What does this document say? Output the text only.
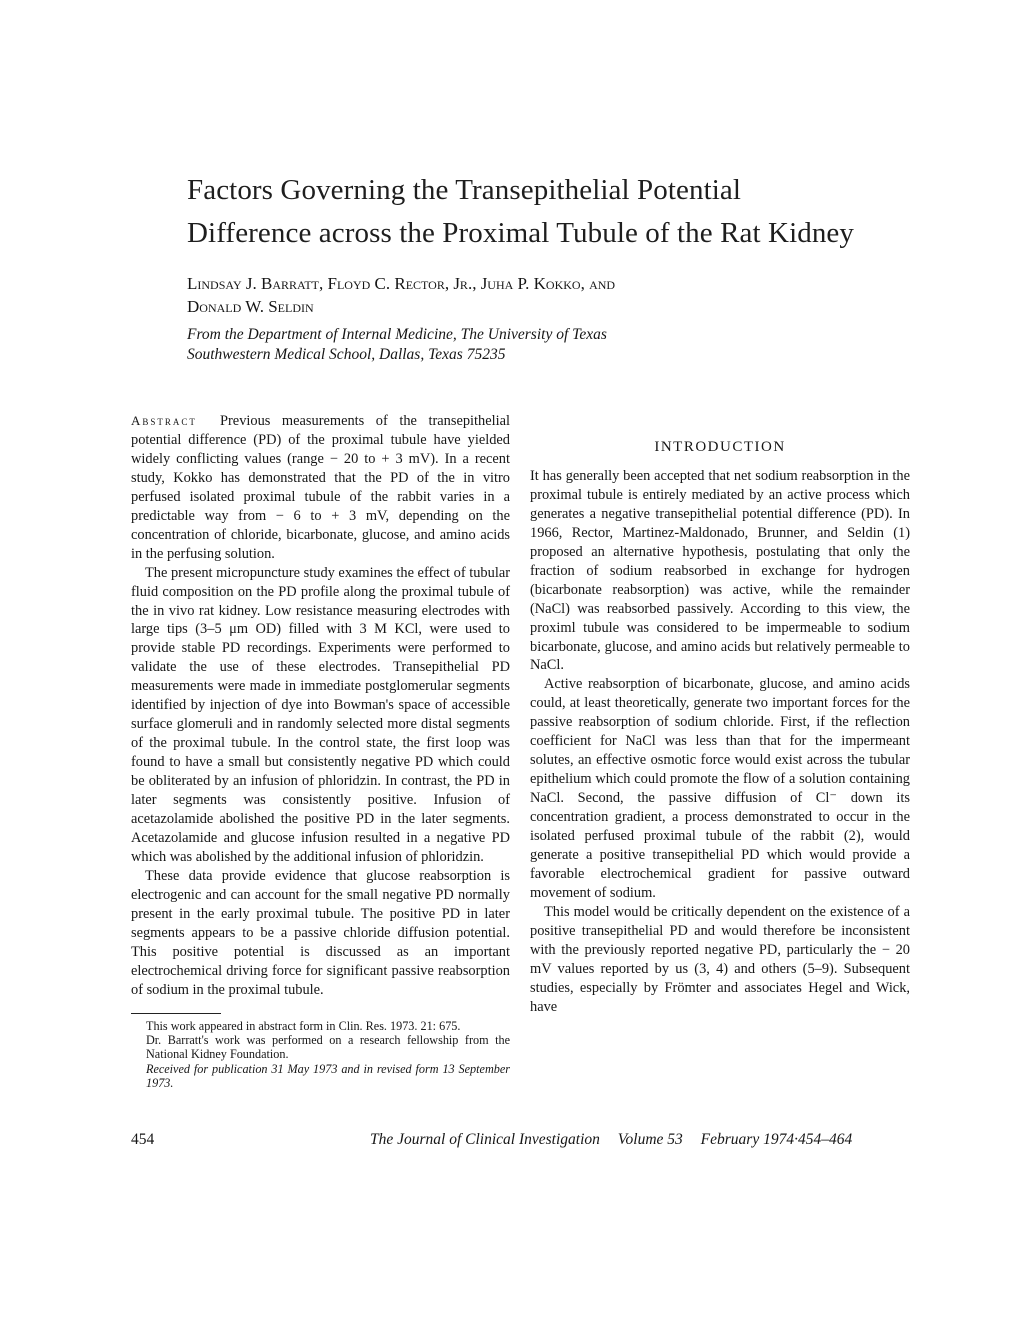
Factors Governing the Transepithelial Potential
Difference across the Proximal Tubule of the Rat Kidney
Lindsay J. Barratt, Floyd C. Rector, Jr., Juha P. Kokko, and
Donald W. Seldin
From the Department of Internal Medicine, The University of Texas
Southwestern Medical School, Dallas, Texas 75235

Abstract Previous measurements of the transepithelial potential difference (PD) of the proximal tubule have yielded widely conflicting values (range − 20 to + 3 mV). In a recent study, Kokko has demonstrated that the PD of the in vitro perfused isolated proximal tubule of the rabbit varies in a predictable way from − 6 to + 3 mV, depending on the concentration of chloride, bicarbonate, glucose, and amino acids in the perfusing solution.

The present micropuncture study examines the effect of tubular fluid composition on the PD profile along the proximal tubule of the in vivo rat kidney. Low resistance measuring electrodes with large tips (3–5 μm OD) filled with 3 M KCl, were used to provide stable PD recordings. Experiments were performed to validate the use of these electrodes. Transepithelial PD measurements were made in immediate postglomerular segments identified by injection of dye into Bowman's space of accessible surface glomeruli and in randomly selected more distal segments of the proximal tubule. In the control state, the first loop was found to have a small but consistently negative PD which could be obliterated by an infusion of phloridzin. In contrast, the PD in later segments was consistently positive. Infusion of acetazolamide abolished the positive PD in the later segments. Acetazolamide and glucose infusion resulted in a negative PD which was abolished by the additional infusion of phloridzin.

These data provide evidence that glucose reabsorption is electrogenic and can account for the small negative PD normally present in the early proximal tubule. The positive PD in later segments appears to be a passive chloride diffusion potential. This positive potential is discussed as an important electrochemical driving force for significant passive reabsorption of sodium in the proximal tubule.

This work appeared in abstract form in Clin. Res. 1973. 21: 675.

Dr. Barratt's work was performed on a research fellowship from the National Kidney Foundation.

Received for publication 31 May 1973 and in revised form 13 September 1973.

INTRODUCTION

It has generally been accepted that net sodium reabsorption in the proximal tubule is entirely mediated by an active process which generates a negative transepithelial potential difference (PD). In 1966, Rector, Martinez-Maldonado, Brunner, and Seldin (1) proposed an alternative hypothesis, postulating that only the fraction of sodium reabsorbed in exchange for hydrogen (bicarbonate reabsorption) was active, while the remainder (NaCl) was reabsorbed passively. According to this view, the proximl tubule was considered to be impermeable to sodium bicarbonate, glucose, and amino acids but relatively permeable to NaCl.

Active reabsorption of bicarbonate, glucose, and amino acids could, at least theoretically, generate two important forces for the passive reabsorption of sodium chloride. First, if the reflection coefficient for NaCl was less than that for the impermeant solutes, an effective osmotic force would exist across the tubular epithelium which could promote the flow of a solution containing NaCl. Second, the passive diffusion of Cl⁻ down its concentration gradient, a process demonstrated to occur in the isolated perfused proximal tubule of the rabbit (2), would generate a positive transepithelial PD which would provide a favorable electrochemical gradient for passive outward movement of sodium.

This model would be critically dependent on the existence of a positive transepithelial PD and would therefore be inconsistent with the previously reported negative PD, particularly the − 20 mV values reported by us (3, 4) and others (5–9). Subsequent studies, especially by Frömter and associates Hegel and Wick, have

454	The Journal of Clinical Investigation Volume 53 February 1974·454–464
